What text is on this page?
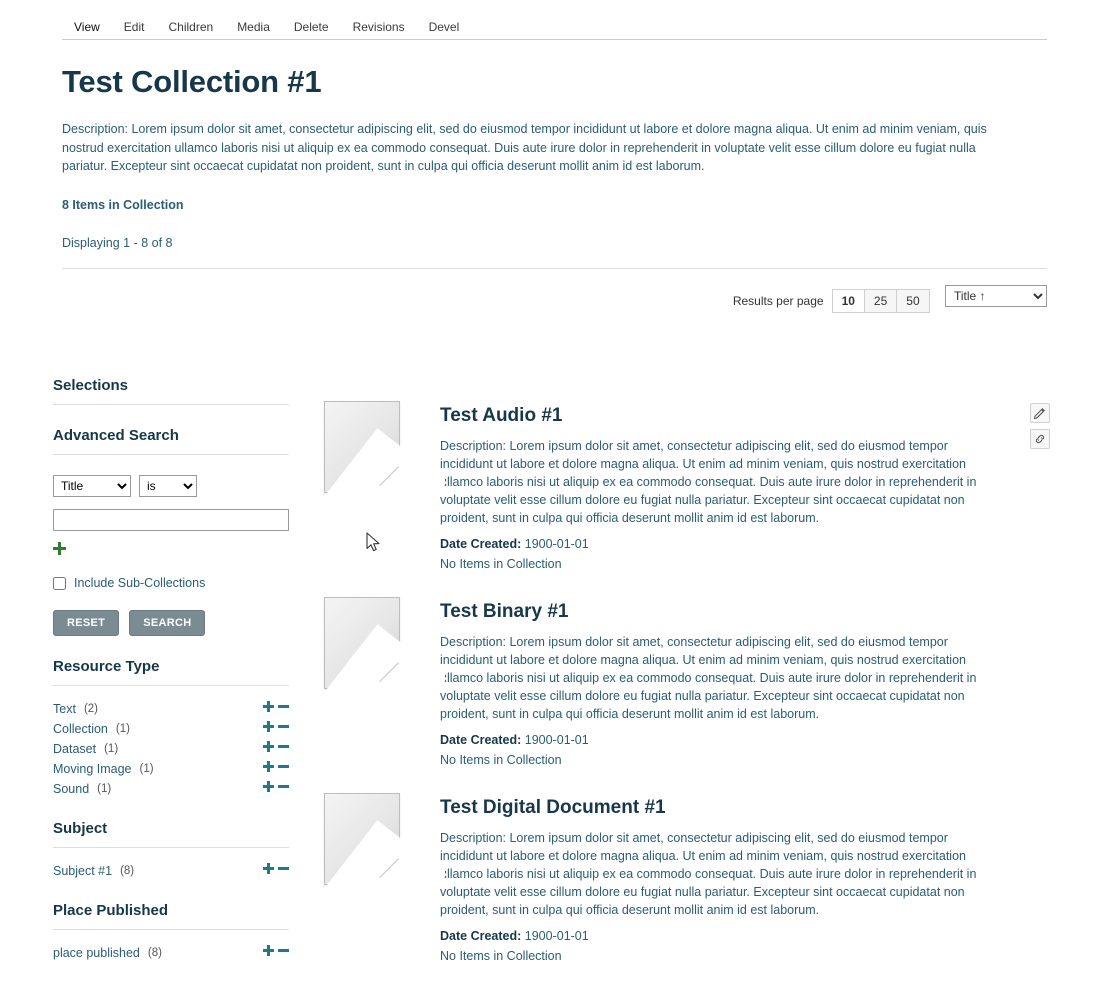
View	Edit	Children	Media	Delete	Revisions	Devel
Test Collection #1
Description: Lorem ipsum dolor sit amet, consectetur adipiscing elit, sed do eiusmod tempor incididunt ut labore et dolore magna aliqua. Ut enim ad minim veniam, quis nostrud exercitation ullamco laboris nisi ut aliquip ex ea commodo consequat. Duis aute irure dolor in reprehenderit in voluptate velit esse cillum dolore eu fugiat nulla pariatur. Excepteur sint occaecat cupidatat non proident, sunt in culpa qui officia deserunt mollit anim id est laborum.
8 Items in Collection
Displaying 1 - 8 of 8
Results per page	10	25	50
Title ↑
Selections
Advanced Search
Title
is
Include Sub-Collections
RESET	SEARCH
Resource Type
Text (2)
Collection (1)
Dataset (1)
Moving Image (1)
Sound (1)
Subject
Subject #1 (8)
Place Published
place published (8)
Test Audio #1
Description: Lorem ipsum dolor sit amet, consectetur adipiscing elit, sed do eiusmod tempor incididunt ut labore et dolore magna aliqua. Ut enim ad minim veniam, quis nostrud exercitation ullamco laboris nisi ut aliquip ex ea commodo consequat. Duis aute irure dolor in reprehenderit in voluptate velit esse cillum dolore eu fugiat nulla pariatur. Excepteur sint occaecat cupidatat non proident, sunt in culpa qui officia deserunt mollit anim id est laborum.
Date Created: 1900-01-01
No Items in Collection
Test Binary #1
Description: Lorem ipsum dolor sit amet, consectetur adipiscing elit, sed do eiusmod tempor incididunt ut labore et dolore magna aliqua. Ut enim ad minim veniam, quis nostrud exercitation ullamco laboris nisi ut aliquip ex ea commodo consequat. Duis aute irure dolor in reprehenderit in voluptate velit esse cillum dolore eu fugiat nulla pariatur. Excepteur sint occaecat cupidatat non proident, sunt in culpa qui officia deserunt mollit anim id est laborum.
Date Created: 1900-01-01
No Items in Collection
Test Digital Document #1
Description: Lorem ipsum dolor sit amet, consectetur adipiscing elit, sed do eiusmod tempor incididunt ut labore et dolore magna aliqua. Ut enim ad minim veniam, quis nostrud exercitation ullamco laboris nisi ut aliquip ex ea commodo consequat. Duis aute irure dolor in reprehenderit in voluptate velit esse cillum dolore eu fugiat nulla pariatur. Excepteur sint occaecat cupidatat non proident, sunt in culpa qui officia deserunt mollit anim id est laborum.
Date Created: 1900-01-01
No Items in Collection
